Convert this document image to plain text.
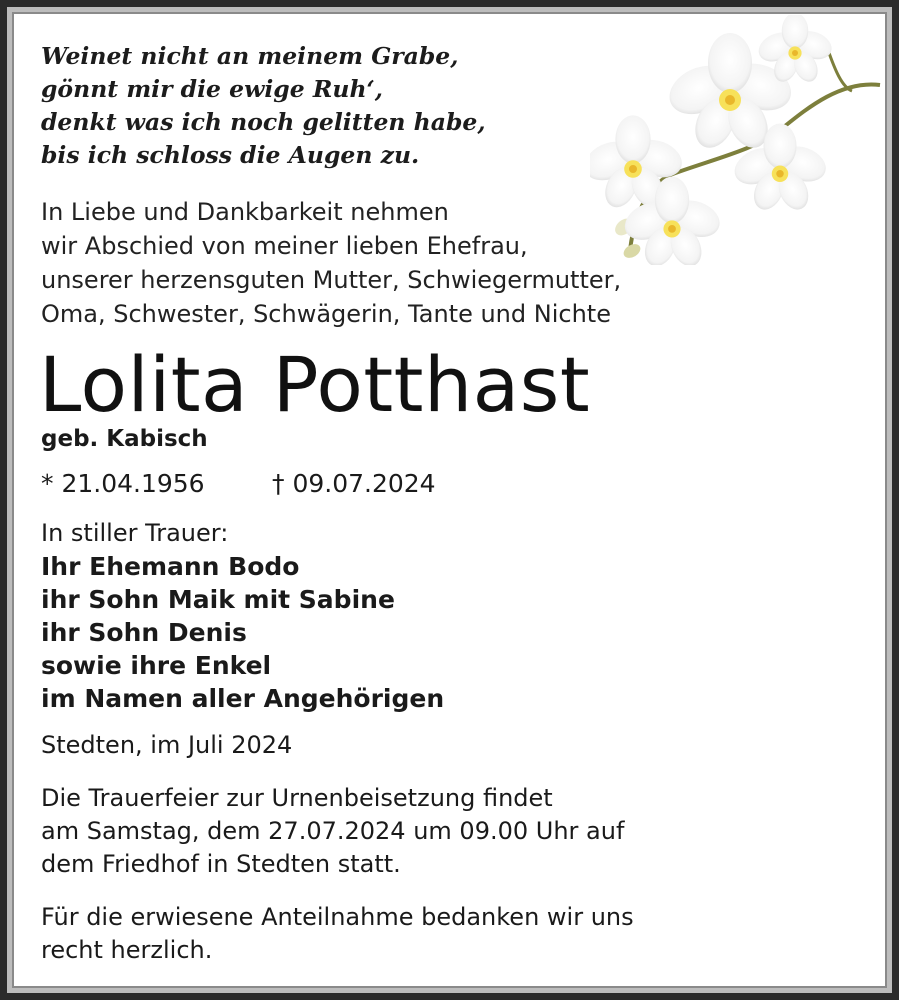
Weinet nicht an meinem Grabe,
gönnt mir die ewige Ruh‘,
denkt was ich noch gelitten habe,
bis ich schloss die Augen zu.
In Liebe und Dankbarkeit nehmen
wir Abschied von meiner lieben Ehefrau,
unserer herzensguten Mutter, Schwiegermutter,
Oma, Schwester, Schwägerin, Tante und Nichte
Lolita Potthast
geb. Kabisch
* 21.04.1956	† 09.07.2024
In stiller Trauer:
Ihr Ehemann Bodo
ihr Sohn Maik mit Sabine
ihr Sohn Denis
sowie ihre Enkel
im Namen aller Angehörigen
Stedten, im Juli 2024
Die Trauerfeier zur Urnenbeisetzung findet
am Samstag, dem 27.07.2024 um 09.00 Uhr auf
dem Friedhof in Stedten statt.
Für die erwiesene Anteilnahme bedanken wir uns
recht herzlich.
